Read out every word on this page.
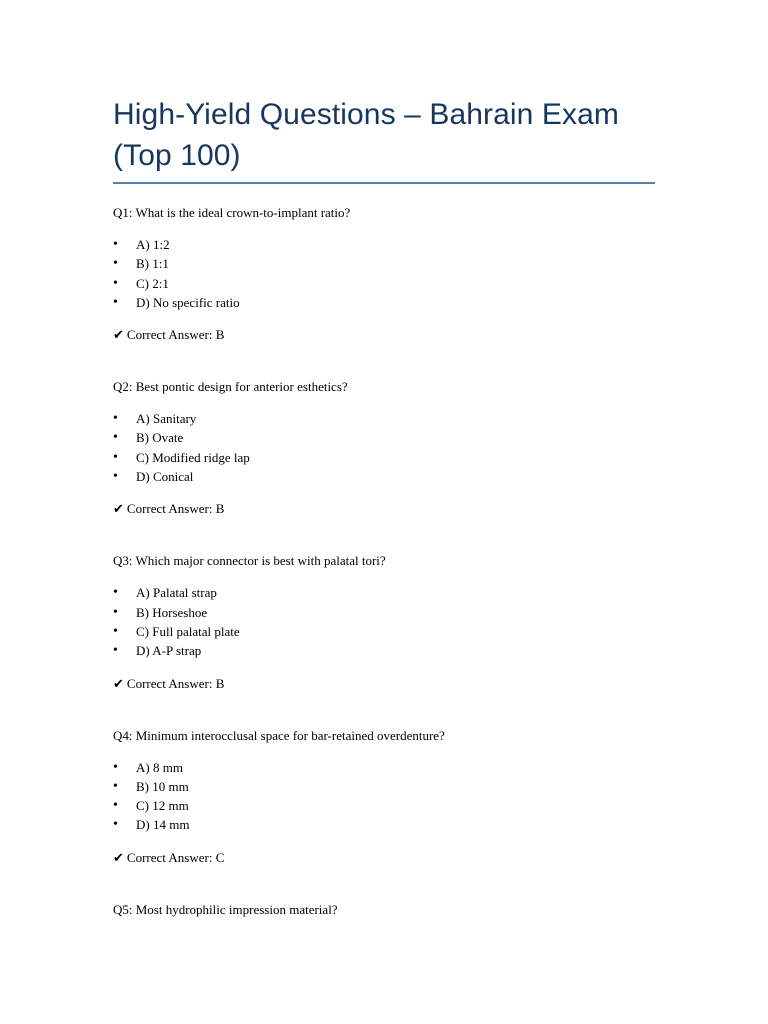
High-Yield Questions – Bahrain Exam (Top 100)

Q1: What is the ideal crown-to-implant ratio?

• A) 1:2
• B) 1:1
• C) 2:1
• D) No specific ratio

✔ Correct Answer: B

Q2: Best pontic design for anterior esthetics?

• A) Sanitary
• B) Ovate
• C) Modified ridge lap
• D) Conical

✔ Correct Answer: B

Q3: Which major connector is best with palatal tori?

• A) Palatal strap
• B) Horseshoe
• C) Full palatal plate
• D) A-P strap

✔ Correct Answer: B

Q4: Minimum interocclusal space for bar-retained overdenture?

• A) 8 mm
• B) 10 mm
• C) 12 mm
• D) 14 mm

✔ Correct Answer: C

Q5: Most hydrophilic impression material?
